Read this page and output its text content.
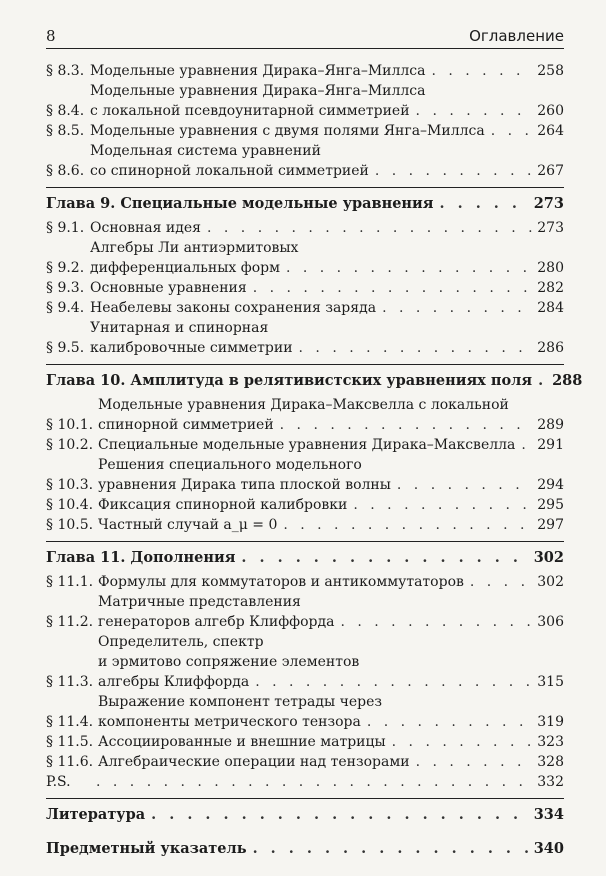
8	Оглавление
§ 8.3. Модельные уравнения Дирака–Янга–Миллса . . .	258
§ 8.4.
Модельные уравнения Дирака–Янга–Миллса
с локальной псевдоунитарной симметрией . . .	260
§ 8.5. Модельные уравнения с двумя полями Янга–Миллса . . .	264
§ 8.6.
Модельная система уравнений
со спинорной локальной симметрией . . .	267
Глава 9. Специальные модельные уравнения . . .	273
§ 9.1. Основная идея . . .	273
§ 9.2.
Алгебры Ли антиэрмитовых
дифференциальных форм . . .	280
§ 9.3. Основные уравнения . . .	282
§ 9.4. Неабелевы законы сохранения заряда . . .	284
§ 9.5.
Унитарная и спинорная
калибровочные симметрии . . .	286
Глава 10. Амплитуда в релятивистских уравнениях поля . . . 288
§ 10.1.
Модельные уравнения Дирака–Максвелла с локальной
спинорной симметрией . . .	289
§ 10.2. Специальные модельные уравнения Дирака–Максвелла . . . 291
§ 10.3.
Решения специального модельного
уравнения Дирака типа плоской волны . . .	294
§ 10.4. Фиксация спинорной калибровки . . .	295
§ 10.5. Частный случай a_μ = 0 . . .	297
Глава 11. Дополнения . . .	302
§ 11.1. Формулы для коммутаторов и антикоммутаторов . . .	302
§ 11.2.
Матричные представления
генераторов алгебр Клиффорда . . .	306
§ 11.3.
Определитель, спектр
и эрмитово сопряжение элементов
алгебры Клиффорда . . .	315
§ 11.4.
Выражение компонент тетрады через
компоненты метрического тензора . . .	319
§ 11.5. Ассоциированные и внешние матрицы . . .	323
§ 11.6. Алгебраические операции над тензорами . . .	328
P.S. . . .	332
Литература . . .	334
Предметный указатель . . .	340
